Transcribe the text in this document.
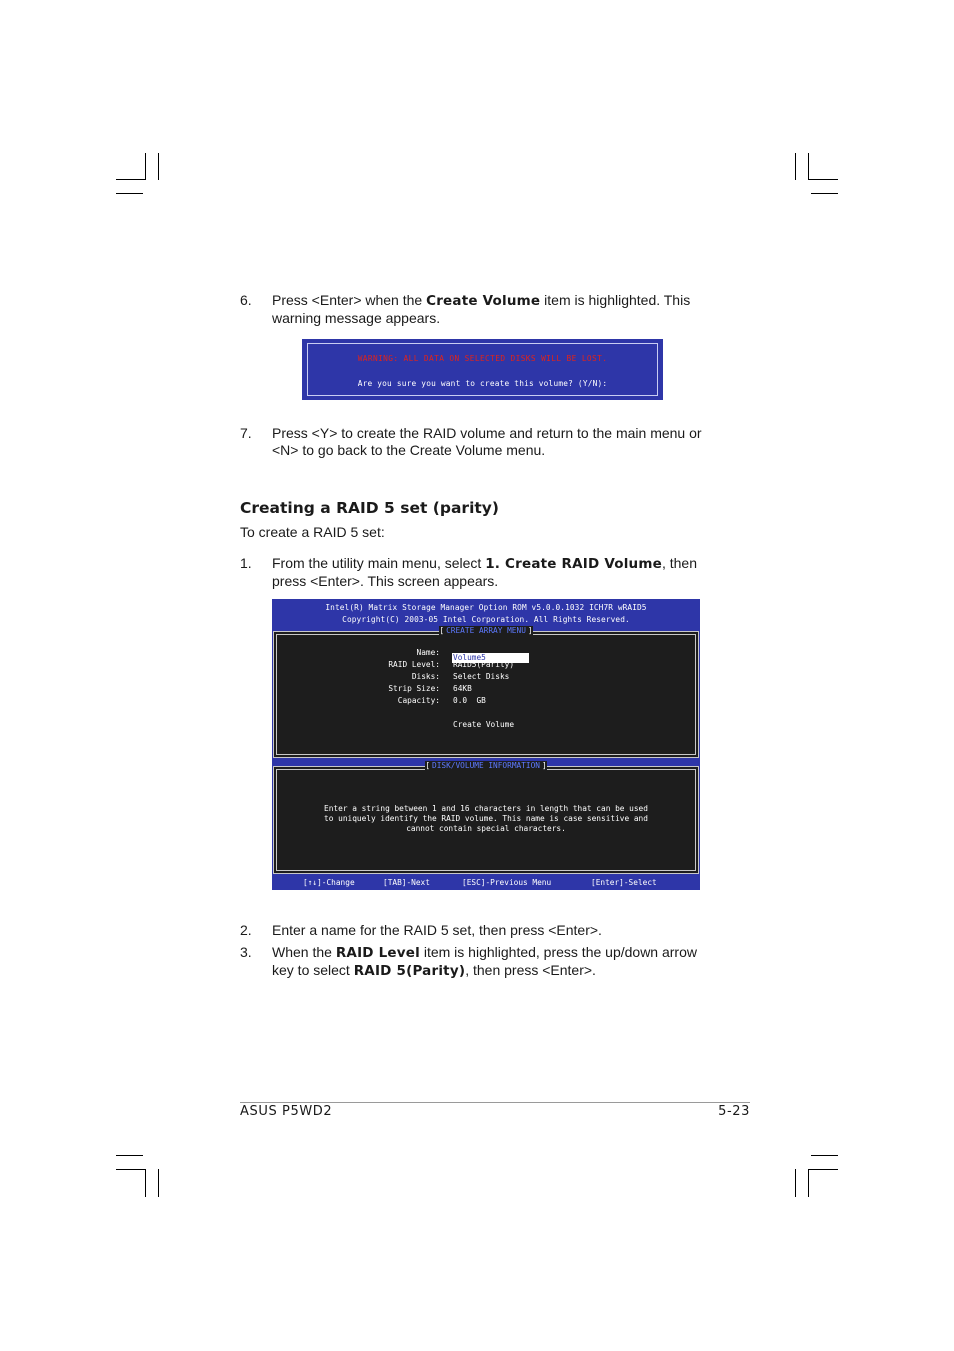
6. Press <Enter> when the Create Volume item is highlighted. This
warning message appears.
WARNING: ALL DATA ON SELECTED DISKS WILL BE LOST.
Are you sure you want to create this volume? (Y/N):
7. Press <Y> to create the RAID volume and return to the main menu or
<N> to go back to the Create Volume menu.
Creating a RAID 5 set (parity)
To create a RAID 5 set:
1. From the utility main menu, select 1. Create RAID Volume, then
press <Enter>. This screen appears.
Intel(R) Matrix Storage Manager Option ROM v5.0.0.1032 ICH7R wRAID5
Copyright(C) 2003-05 Intel Corporation. All Rights Reserved.
[ CREATE ARRAY MENU ]
Name:
Volume5
RAID Level: RAID5(Parity)
Disks: Select Disks
Strip Size: 64KB
Capacity: 0.0  GB
Create Volume
[ DISK/VOLUME INFORMATION ]
Enter a string between 1 and 16 characters in length that can be used
to uniquely identify the RAID volume. This name is case sensitive and
cannot contain special characters.
[↑↓]-Change	[TAB]-Next	[ESC]-Previous Menu	[Enter]-Select
2. Enter a name for the RAID 5 set, then press <Enter>.
3. When the RAID Level item is highlighted, press the up/down arrow
key to select RAID 5(Parity), then press <Enter>.
ASUS P5WD2	5-23
